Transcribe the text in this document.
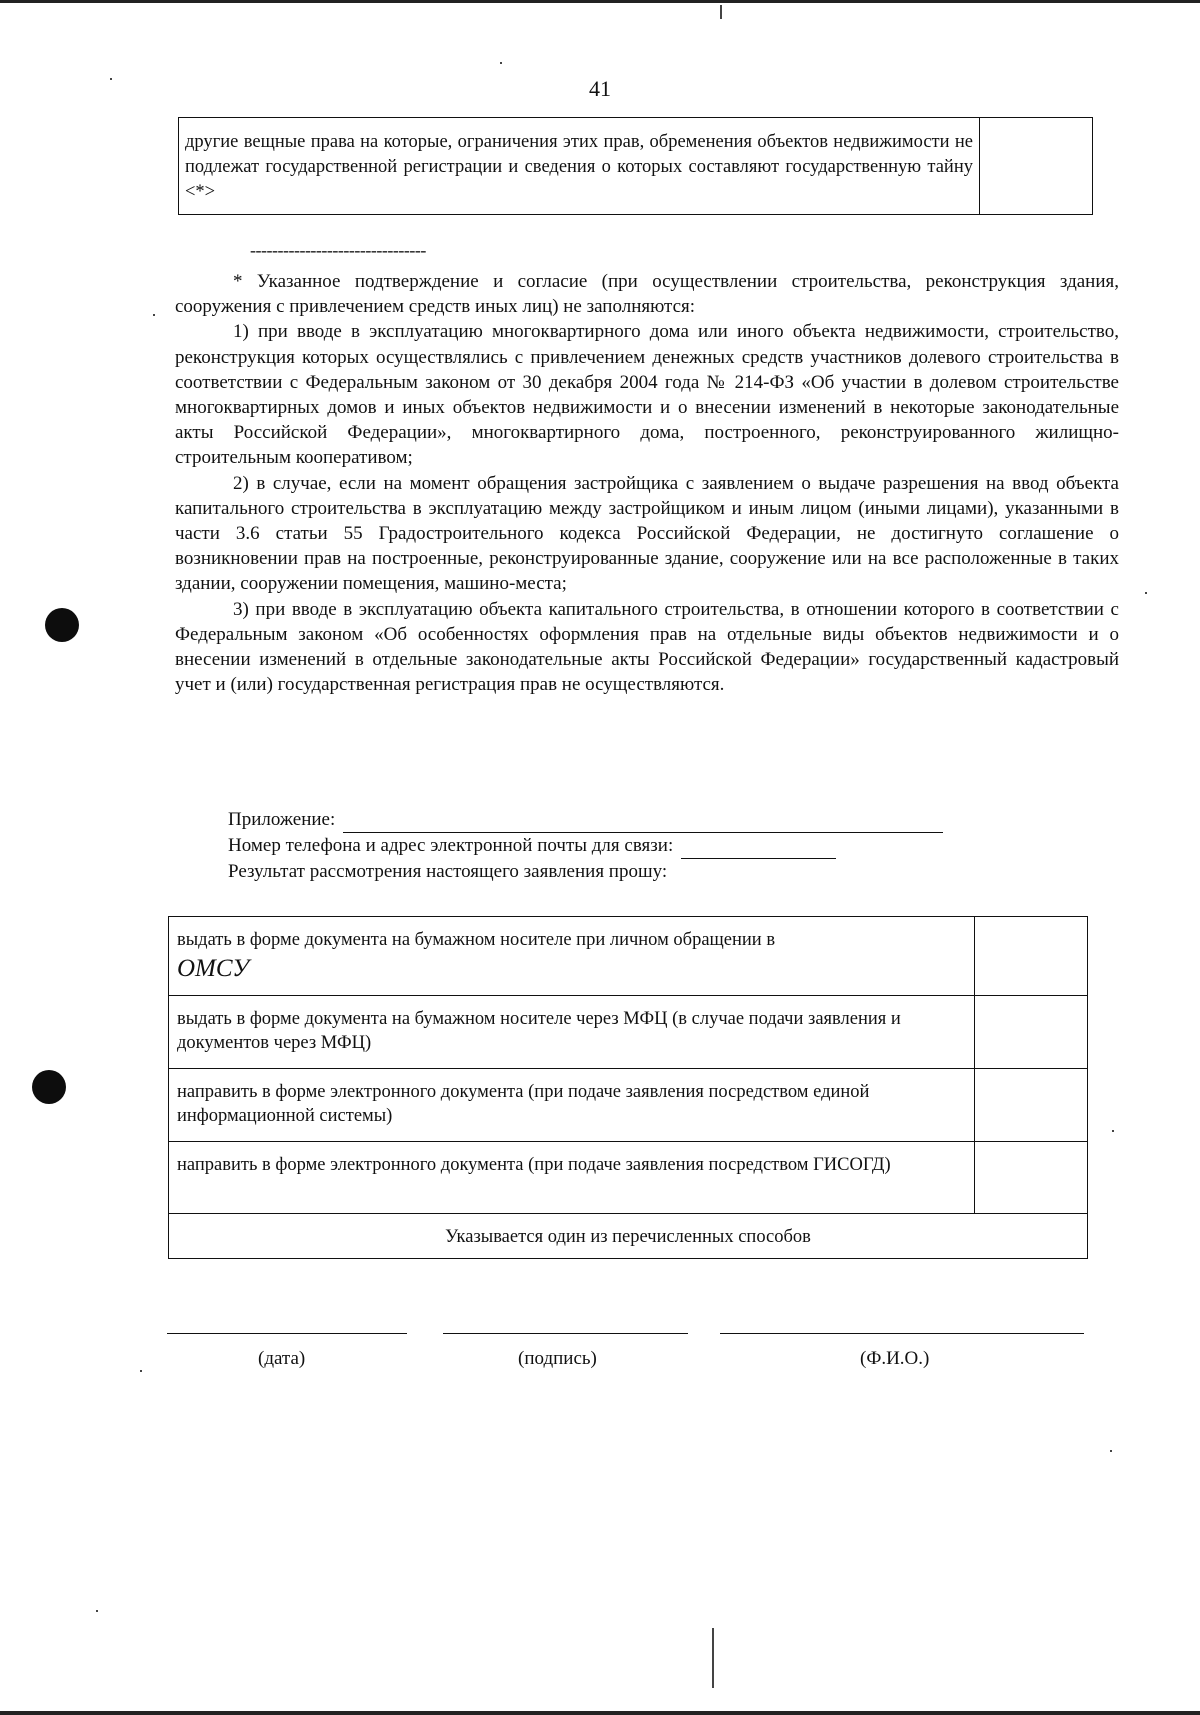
41
другие вещные права на которые, ограничения этих прав, обременения объектов недвижимости не подлежат государственной регистрации и сведения о которых составляют государственную тайну <*>	
--------------------------------

* Указанное подтверждение и согласие (при осуществлении строительства, реконструкция здания, сооружения с привлечением средств иных лиц) не заполняются:

1) при вводе в эксплуатацию многоквартирного дома или иного объекта недвижимости, строительство, реконструкция которых осуществлялись с привлечением денежных средств участников долевого строительства в соответствии с Федеральным законом от 30 декабря 2004 года № 214-ФЗ «Об участии в долевом строительстве многоквартирных домов и иных объектов недвижимости и о внесении изменений в некоторые законодательные акты Российской Федерации», многоквартирного дома, построенного, реконструированного жилищно-строительным кооперативом;

2) в случае, если на момент обращения застройщика с заявлением о выдаче разрешения на ввод объекта капитального строительства в эксплуатацию между застройщиком и иным лицом (иными лицами), указанными в части 3.6 статьи 55 Градостроительного кодекса Российской Федерации, не достигнуто соглашение о возникновении прав на построенные, реконструированные здание, сооружение или на все расположенные в таких здании, сооружении помещения, машино-места;

3) при вводе в эксплуатацию объекта капитального строительства, в отношении которого в соответствии с Федеральным законом «Об особенностях оформления прав на отдельные виды объектов недвижимости и о внесении изменений в отдельные законодательные акты Российской Федерации» государственный кадастровый учет и (или) государственная регистрация прав не осуществляются.

Приложение:
Номер телефона и адрес электронной почты для связи:
Результат рассмотрения настоящего заявления прошу:
выдать в форме документа на бумажном носителе при личном обращении в
ОМСУ	

выдать в форме документа на бумажном носителе через МФЦ (в случае подачи заявления и документов через МФЦ)	
направить в форме электронного документа (при подаче заявления посредством единой информационной системы)	
направить в форме электронного документа (при подаче заявления посредством ГИСОГД)	
Указывается один из перечисленных способов	
(дата)	(подпись)	(Ф.И.О.)
